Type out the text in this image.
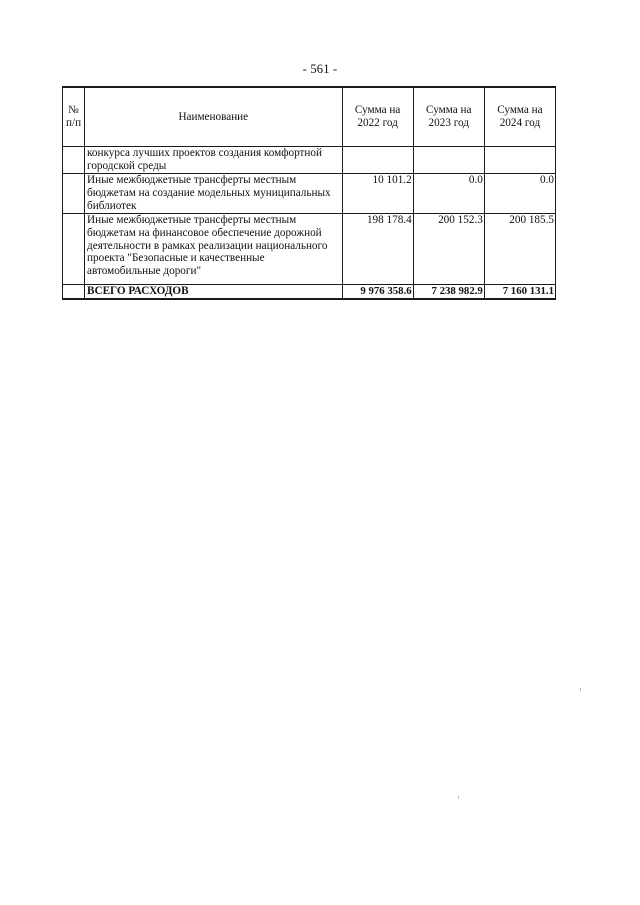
- 561 -
№ п/п	Наименование	Сумма на 2022 год	Сумма на 2023 год	Сумма на 2024 год
	конкурса лучших проектов создания комфортной городской среды			
	Иные межбюджетные трансферты местным бюджетам на создание модельных муниципальных библиотек	10 101.2	0.0	0.0
	Иные межбюджетные трансферты местным бюджетам на финансовое обеспечение дорожной деятельности в рамках реализации национального проекта "Безопасные и качественные автомобильные дороги"	198 178.4	200 152.3	200 185.5
	ВСЕГО РАСХОДОВ	9 976 358.6	7 238 982.9	7 160 131.1
